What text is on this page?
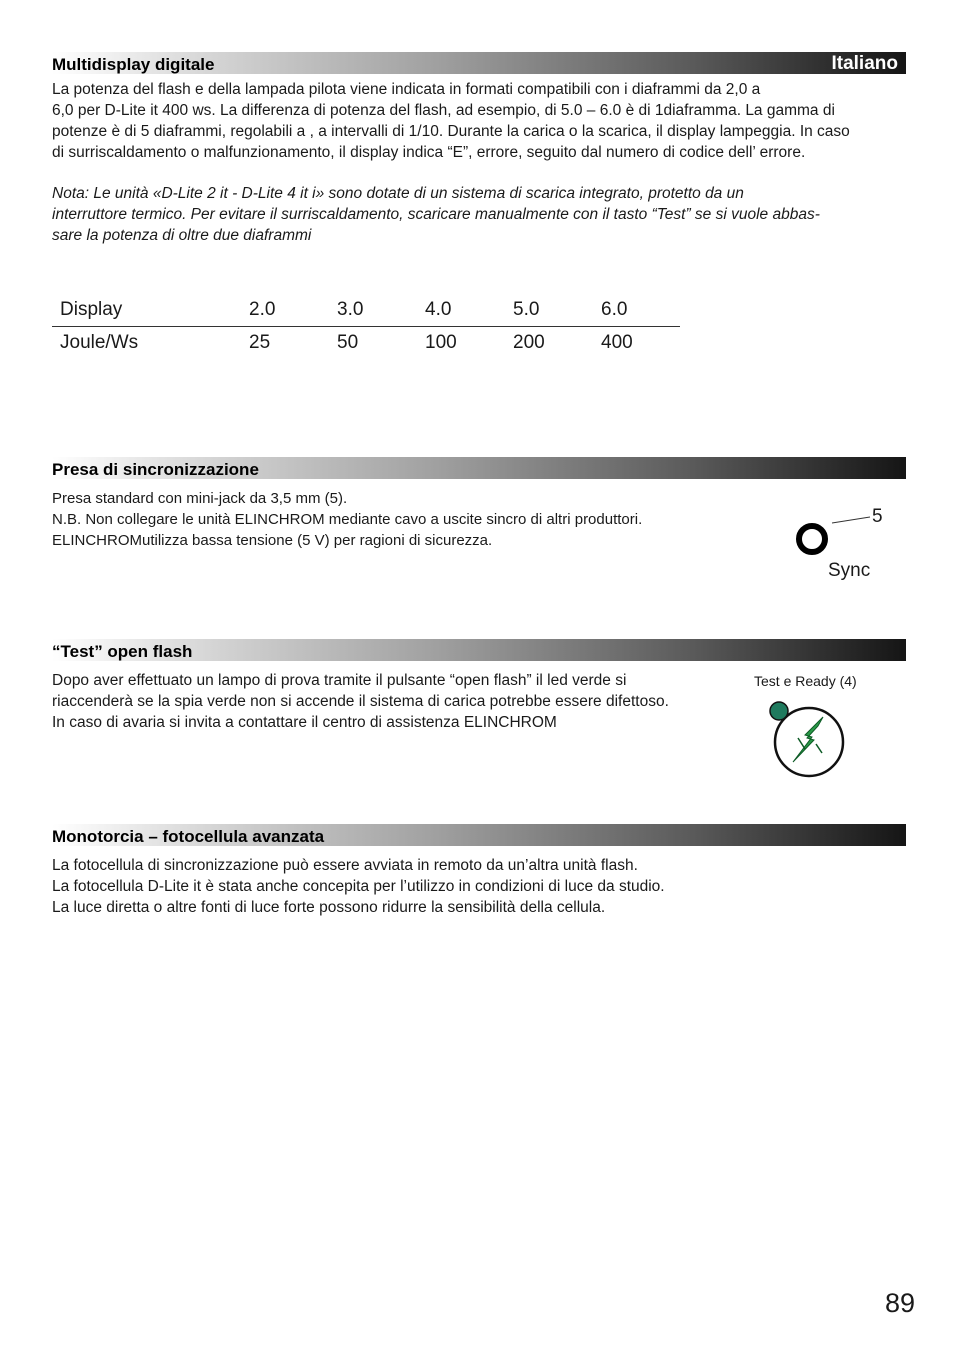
Multidisplay digitale	Italiano
La potenza del flash e della lampada pilota viene indicata in formati compatibili con i diaframmi da 2,0 a
6,0 per D-Lite it 400 ws. La differenza di potenza del flash, ad esempio, di 5.0 – 6.0 è di 1diaframma. La gamma di
potenze è di 5 diaframmi, regolabili a , a intervalli di 1/10. Durante la carica o la scarica, il display lampeggia. In caso
di surriscaldamento o malfunzionamento, il display indica “E”, errore, seguito dal numero di codice dell’ errore.
Nota: Le unità «D-Lite 2 it - D-Lite 4 it i» sono dotate di un sistema di scarica integrato, protetto da un
interruttore termico. Per evitare il surriscaldamento, scaricare manualmente con il tasto “Test” se si vuole abbas-
sare la potenza di oltre due diaframmi
Display	2.0	3.0	4.0	5.0	6.0
Joule/Ws	25	50	100	200	400
Presa di sincronizzazione
Presa standard con mini-jack da 3,5 mm (5).
N.B. Non collegare le unità ELINCHROM mediante cavo a uscite sincro di altri produttori.
ELINCHROMutilizza bassa tensione (5 V) per ragioni di sicurezza.
5
Sync
“Test” open flash
Dopo aver effettuato un lampo di prova tramite il pulsante “open flash” il led verde si
riaccenderà se la spia verde non si accende il sistema di carica potrebbe essere difettoso.
In caso di avaria si invita a contattare il centro di assistenza ELINCHROM
Test e Ready (4)
Monotorcia – fotocellula avanzata
La fotocellula di sincronizzazione può essere avviata in remoto da un’altra unità flash.
La fotocellula D-Lite it è stata anche concepita per l’utilizzo in condizioni di luce da studio.
La luce diretta o altre fonti di luce forte possono ridurre la sensibilità della cellula.
89
